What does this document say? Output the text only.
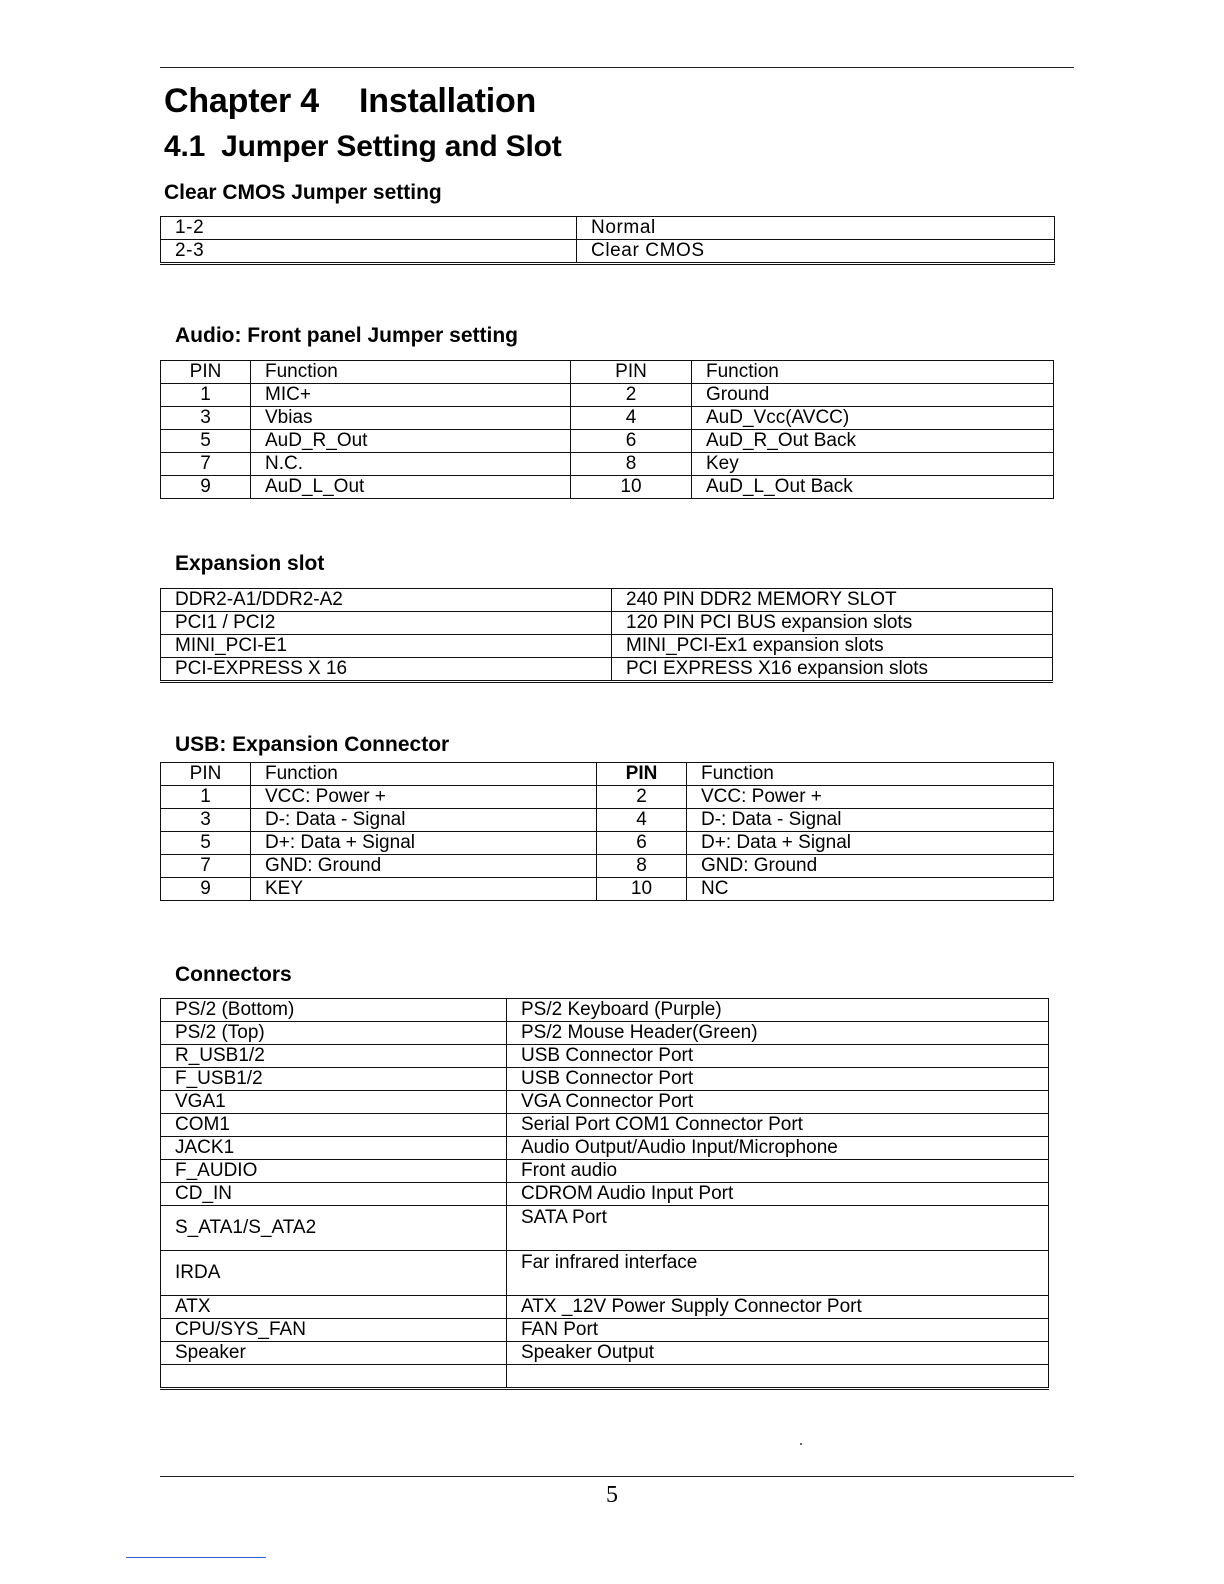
Chapter 4 Installation
4.1 Jumper Setting and Slot
Clear CMOS Jumper setting
1-2	Normal
2-3	Clear CMOS
Audio: Front panel Jumper setting
PIN	Function	PIN	Function
1	MIC+	2	Ground
3	Vbias	4	AuD_Vcc(AVCC)
5	AuD_R_Out	6	AuD_R_Out Back
7	N.C.	8	Key
9	AuD_L_Out	10	AuD_L_Out Back
Expansion slot
DDR2-A1/DDR2-A2	240 PIN DDR2 MEMORY SLOT
PCI1 / PCI2	120 PIN PCI BUS expansion slots
MINI_PCI-E1	MINI_PCI-Ex1 expansion slots
PCI-EXPRESS X 16	PCI EXPRESS X16 expansion slots
USB: Expansion Connector
PIN	Function	PIN	Function
1	VCC: Power +	2	VCC: Power +
3	D-: Data - Signal	4	D-: Data - Signal
5	D+: Data + Signal	6	D+: Data + Signal
7	GND: Ground	8	GND: Ground
9	KEY	10	NC
Connectors
PS/2 (Bottom)	PS/2 Keyboard (Purple)
PS/2 (Top)	PS/2 Mouse Header(Green)
R_USB1/2	USB Connector Port
F_USB1/2	USB Connector Port
VGA1	VGA Connector Port
COM1	Serial Port COM1 Connector Port
JACK1	Audio Output/Audio Input/Microphone
F_AUDIO	Front audio
CD_IN	CDROM Audio Input Port
S_ATA1/S_ATA2	SATA Port
IRDA	Far infrared interface
ATX	ATX _12V Power Supply Connector Port
CPU/SYS_FAN	FAN Port
Speaker	Speaker Output

5
